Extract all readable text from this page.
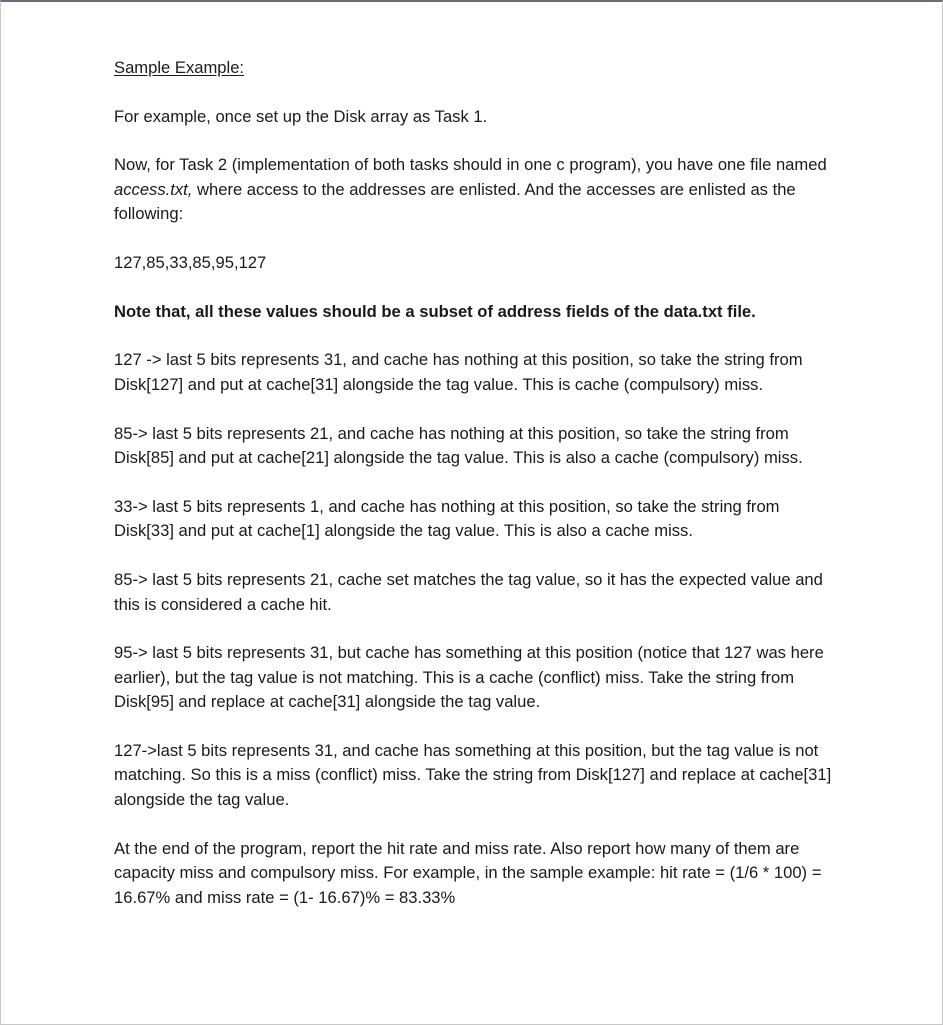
Sample Example:

For example, once set up the Disk array as Task 1.

Now, for Task 2 (implementation of both tasks should in one c program), you have one file named access.txt, where access to the addresses are enlisted. And the accesses are enlisted as the following:

127,85,33,85,95,127

Note that, all these values should be a subset of address fields of the data.txt file.

127 -> last 5 bits represents 31, and cache has nothing at this position, so take the string from Disk[127] and put at cache[31] alongside the tag value. This is cache (compulsory) miss.

85-> last 5 bits represents 21, and cache has nothing at this position, so take the string from Disk[85] and put at cache[21] alongside the tag value. This is also a cache (compulsory) miss.

33-> last 5 bits represents 1, and cache has nothing at this position, so take the string from Disk[33] and put at cache[1] alongside the tag value. This is also a cache miss.

85-> last 5 bits represents 21, cache set matches the tag value, so it has the expected value and this is considered a cache hit.

95-> last 5 bits represents 31, but cache has something at this position (notice that 127 was here earlier), but the tag value is not matching. This is a cache (conflict) miss. Take the string from Disk[95] and replace at cache[31] alongside the tag value.

127->last 5 bits represents 31, and cache has something at this position, but the tag value is not matching. So this is a miss (conflict) miss. Take the string from Disk[127] and replace at cache[31] alongside the tag value.

At the end of the program, report the hit rate and miss rate. Also report how many of them are capacity miss and compulsory miss. For example, in the sample example: hit rate = (1/6 * 100) = 16.67% and miss rate = (1- 16.67)% = 83.33%
